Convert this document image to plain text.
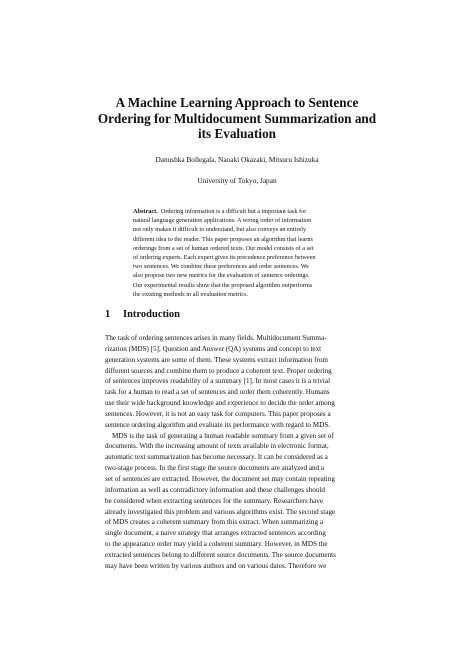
A Machine Learning Approach to Sentence
Ordering for Multidocument Summarization and
its Evaluation
Danushka Bollegala, Naoaki Okazaki, Mitsuru Ishizuka
University of Tokyo, Japan
Abstract. Ordering information is a difficult but a important task for
natural language generation applications. A wrong order of information
not only makes it difficult to understand, but also conveys an entirely
different idea to the reader. This paper proposes an algorithm that learns
orderings from a set of human ordered texts. Our model consists of a set
of ordering experts. Each expert gives its precedence preference between
two sentences. We combine these preferences and order sentences. We
also propose two new metrics for the evaluation of sentence orderings.
Our experimental results show that the proposed algorithm outperforms
the existing methods in all evaluation metrics.
1 Introduction
The task of ordering sentences arises in many fields. Multidocument Summa-
rization (MDS) [5], Question and Answer (QA) systems and concept to text
generation systems are some of them. These systems extract information from
different sources and combine them to produce a coherent text. Proper ordering
of sentences improves readability of a summary [1]. In most cases it is a trivial
task for a human to read a set of sentences and order them coherently. Humans
use their wide background knowledge and experience to decide the order among
sentences. However, it is not an easy task for computers. This paper proposes a
sentence ordering algorithm and evaluate its performance with regard to MDS.
MDS is the task of generating a human readable summary from a given set of
documents. With the increasing amount of texts available in electronic format,
automatic text summarization has become necessary. It can be considered as a
two-stage process. In the first stage the source documents are analyzed and a
set of sentences are extracted. However, the document set may contain repeating
information as well as contradictory information and these challenges should
be considered when extracting sentences for the summary. Researchers have
already investigated this problem and various algorithms exist. The second stage
of MDS creates a coherent summary from this extract. When summarizing a
single document, a naive strategy that arranges extracted sentences according
to the appearance order may yield a coherent summary. However, in MDS the
extracted sentences belong to different source documents. The source documents
may have been written by various authors and on various dates. Therefore we
